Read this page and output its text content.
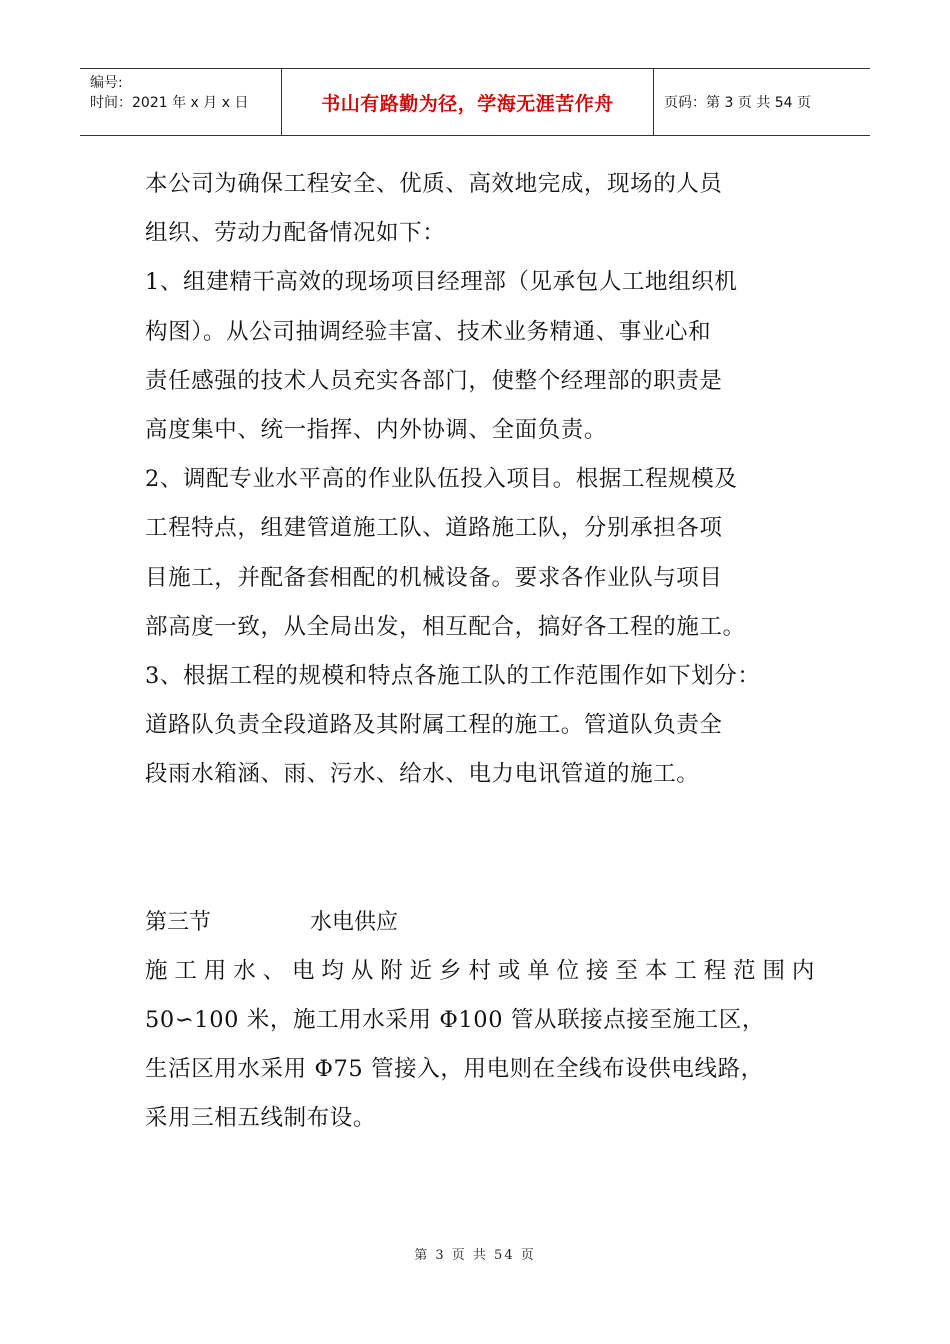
编号:
时间：2021 年 x 月 x 日	书山有路勤为径，学海无涯苦作舟	页码：第 3 页 共 54 页
本公司为确保工程安全、优质、高效地完成，现场的人员
组织、劳动力配备情况如下：
1、组建精干高效的现场项目经理部（见承包人工地组织机
构图）。从公司抽调经验丰富、技术业务精通、事业心和
责任感强的技术人员充实各部门，使整个经理部的职责是
高度集中、统一指挥、内外协调、全面负责。
2、调配专业水平高的作业队伍投入项目。根据工程规模及
工程特点，组建管道施工队、道路施工队，分别承担各项
目施工，并配备套相配的机械设备。要求各作业队与项目
部高度一致，从全局出发，相互配合，搞好各工程的施工。
3、根据工程的规模和特点各施工队的工作范围作如下划分：
道路队负责全段道路及其附属工程的施工。管道队负责全
段雨水箱涵、雨、污水、给水、电力电讯管道的施工。
第三节	水电供应
施工用水、电均从附近乡村或单位接至本工程范围内
50∽100 米，施工用水采用 Φ100 管从联接点接至施工区，
生活区用水采用 Φ75 管接入，用电则在全线布设供电线路，
采用三相五线制布设。
第 3 页 共 54 页
